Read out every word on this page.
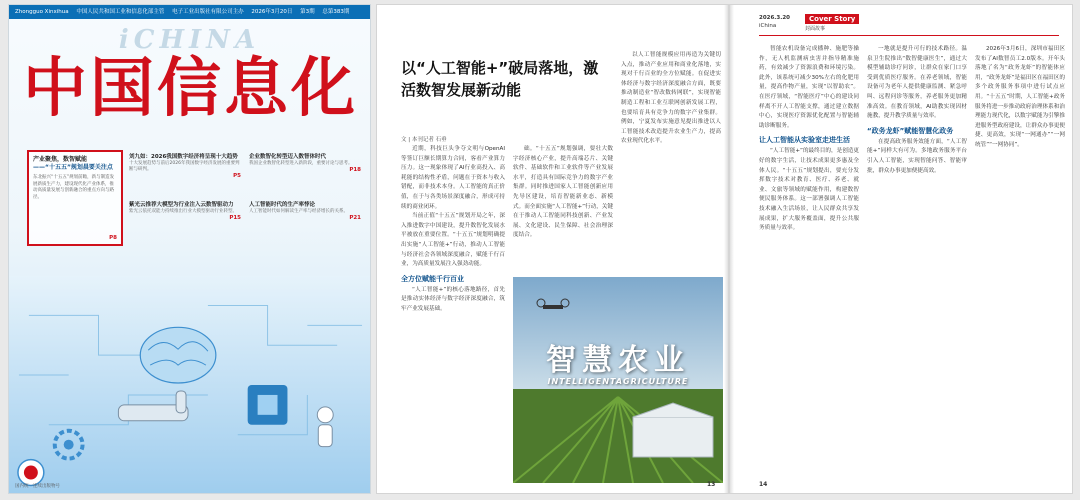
Zhongguo Xinxihua 中国人民共和国工业和信息化部主管 电子工业出版社有限公司主办 2026年3月20日 第3期 总第383期
iCHINA
中国信息化
产业聚焦，数智赋能
——“十五五”规划晨要关注点
东北振兴“十五五”规划前瞻，新与制造发展新质生产力，建设现代化产业体系，推动高质量发展与创新融合的重点方向与路径。
P8
刘九如：2026我国数字经济将呈现十大趋势
十大发展趋势与前后2026年我国数字经济发展的重要判断与研判。
P5
企业数智化转型迈入数智体时代
我国企业数智化转型进入新阶段，重要讨论与思考。
P18
紫光云推荐大模型为行业注入云数智驱动力
紫光云依托双能力持续推出行业大模型驱动行业转型。
P15
人工智能时代的生产率悖论
人工智能时代如何解读生产率与经济增长的关系。
P21
国内统一连续出版物号
以“人工智能+”破局落地，激活数智发展新动能
文 | 本刊记者 石垂

近期，科技巨头争夺文明与OpenAI等签订巨额长期算力合同，客看产业算力压力。这一现象体现了AI行业高投入、高耗能的结构性矛盾，问题在于资本与收入错配，而非技术本身。人工智能的真正价值，在于与各类场景深度融合，形成可持续的商业闭环。

当前正值“十五五”规划开局之年，深入推进数字中国建设，提升数智化发展水平被放在重要位置。“十五五”规划明确提出实施“人工智能+”行动，推动人工智能与经济社会各领域深度融合，赋能千行百业，为高质量发展注入强劲动能。

全方位赋能千行百业

“人工智能+”的核心落地路径，首先是推动实体经济与数字经济深度融合，筑牢产业发展基础。

础。“十五五”规划强调，要壮大数字经济核心产业，提升高端芯片、关键软件、基础软件和工业软件等产业发展水平，打造具有国际竞争力的数字产业集群。同时推进国家人工智能创新应用先导区建设，培育智能新业态、新模式。而全面实施“人工智能+”行动，关键在于推动人工智能同科技创新、产业发展、文化建设、民生保障、社会治理深度结合。

以人工智能规模应用再造为关键切入点，推动产业应用和商业化落地，实现对千行百业的全方位赋能。在促进实体经济与数字经济深度融合方面，既要推动制造业“智改数转网联”，实现智能制造工程和工业互联网创新发展工程，也要培育具有竞争力的数字产业集群。例如，宁夏发布实施意见提出推进以人工智能技术改造提升农业生产力，提高农业现代化水平。

智慧农业
INTELLIGENTAGRICULTURE
13
2026.3.20
iChina
Cover Story
封面故事

智能农机设备完成播种、施肥等操作，无人机监测病虫害并指导精准施药，有效减少了资源浪费和环境污染。此外，该系统可减少30%左右的化肥用量，提高作物产量，实现“以智助农”。在医疗领域，“智能医疗”中心的建设同样离不开人工智能支撑，通过建立数据中心，实现医疗资源优化配置与智能辅助诊断服务。

让人工智能从实验室走进生活

“人工智能+”的最终目的，是创造更好的数字生活，让技术成果更多惠及全体人民。“十五五”规划提出，要充分发挥数字技术对教育、医疗、养老、就业、文旅等领域的赋能作用，构建数智便民服务体系。这一部署强调人工智能技术融入生活场景，让人民群众共享发展成果，扩大服务覆盖面，提升公共服务质量与效率。

一地就是提升可行的技术路径。温泉卫生院推出“数智健康医生”，通过大模型辅助诊疗问诊，让群众在家门口享受到优质医疗服务。在养老领域，智能设备可为老年人提供健康监测、紧急呼叫、远程问诊等服务，养老服务更加精准高效。在教育领域，AI助教实现因材施教，提升教学质量与效率。

“政务龙虾”赋能智慧化政务

在提高政务服务效能方面，“人工智能+”同样大有可为。多地政务服务平台引入人工智能，实现智能问答、智能审批，群众办事更加便捷高效。

2026年3月6日，深圳市福田区发布了AI数智员工2.0版本。开年头落地了名为“政务龙虾”的智能体应用，“政务龙虾”是福田区在福田区的多个政务服务事项中进行试点应用。“十五五”时期，人工智能+政务服务将进一步推动政府治理体系和治理能力现代化，以数字赋能为引擎推进服务型政府建设，让群众办事更便捷、更高效，实现“一网通办”“一网统管”“一网协同”。

14
